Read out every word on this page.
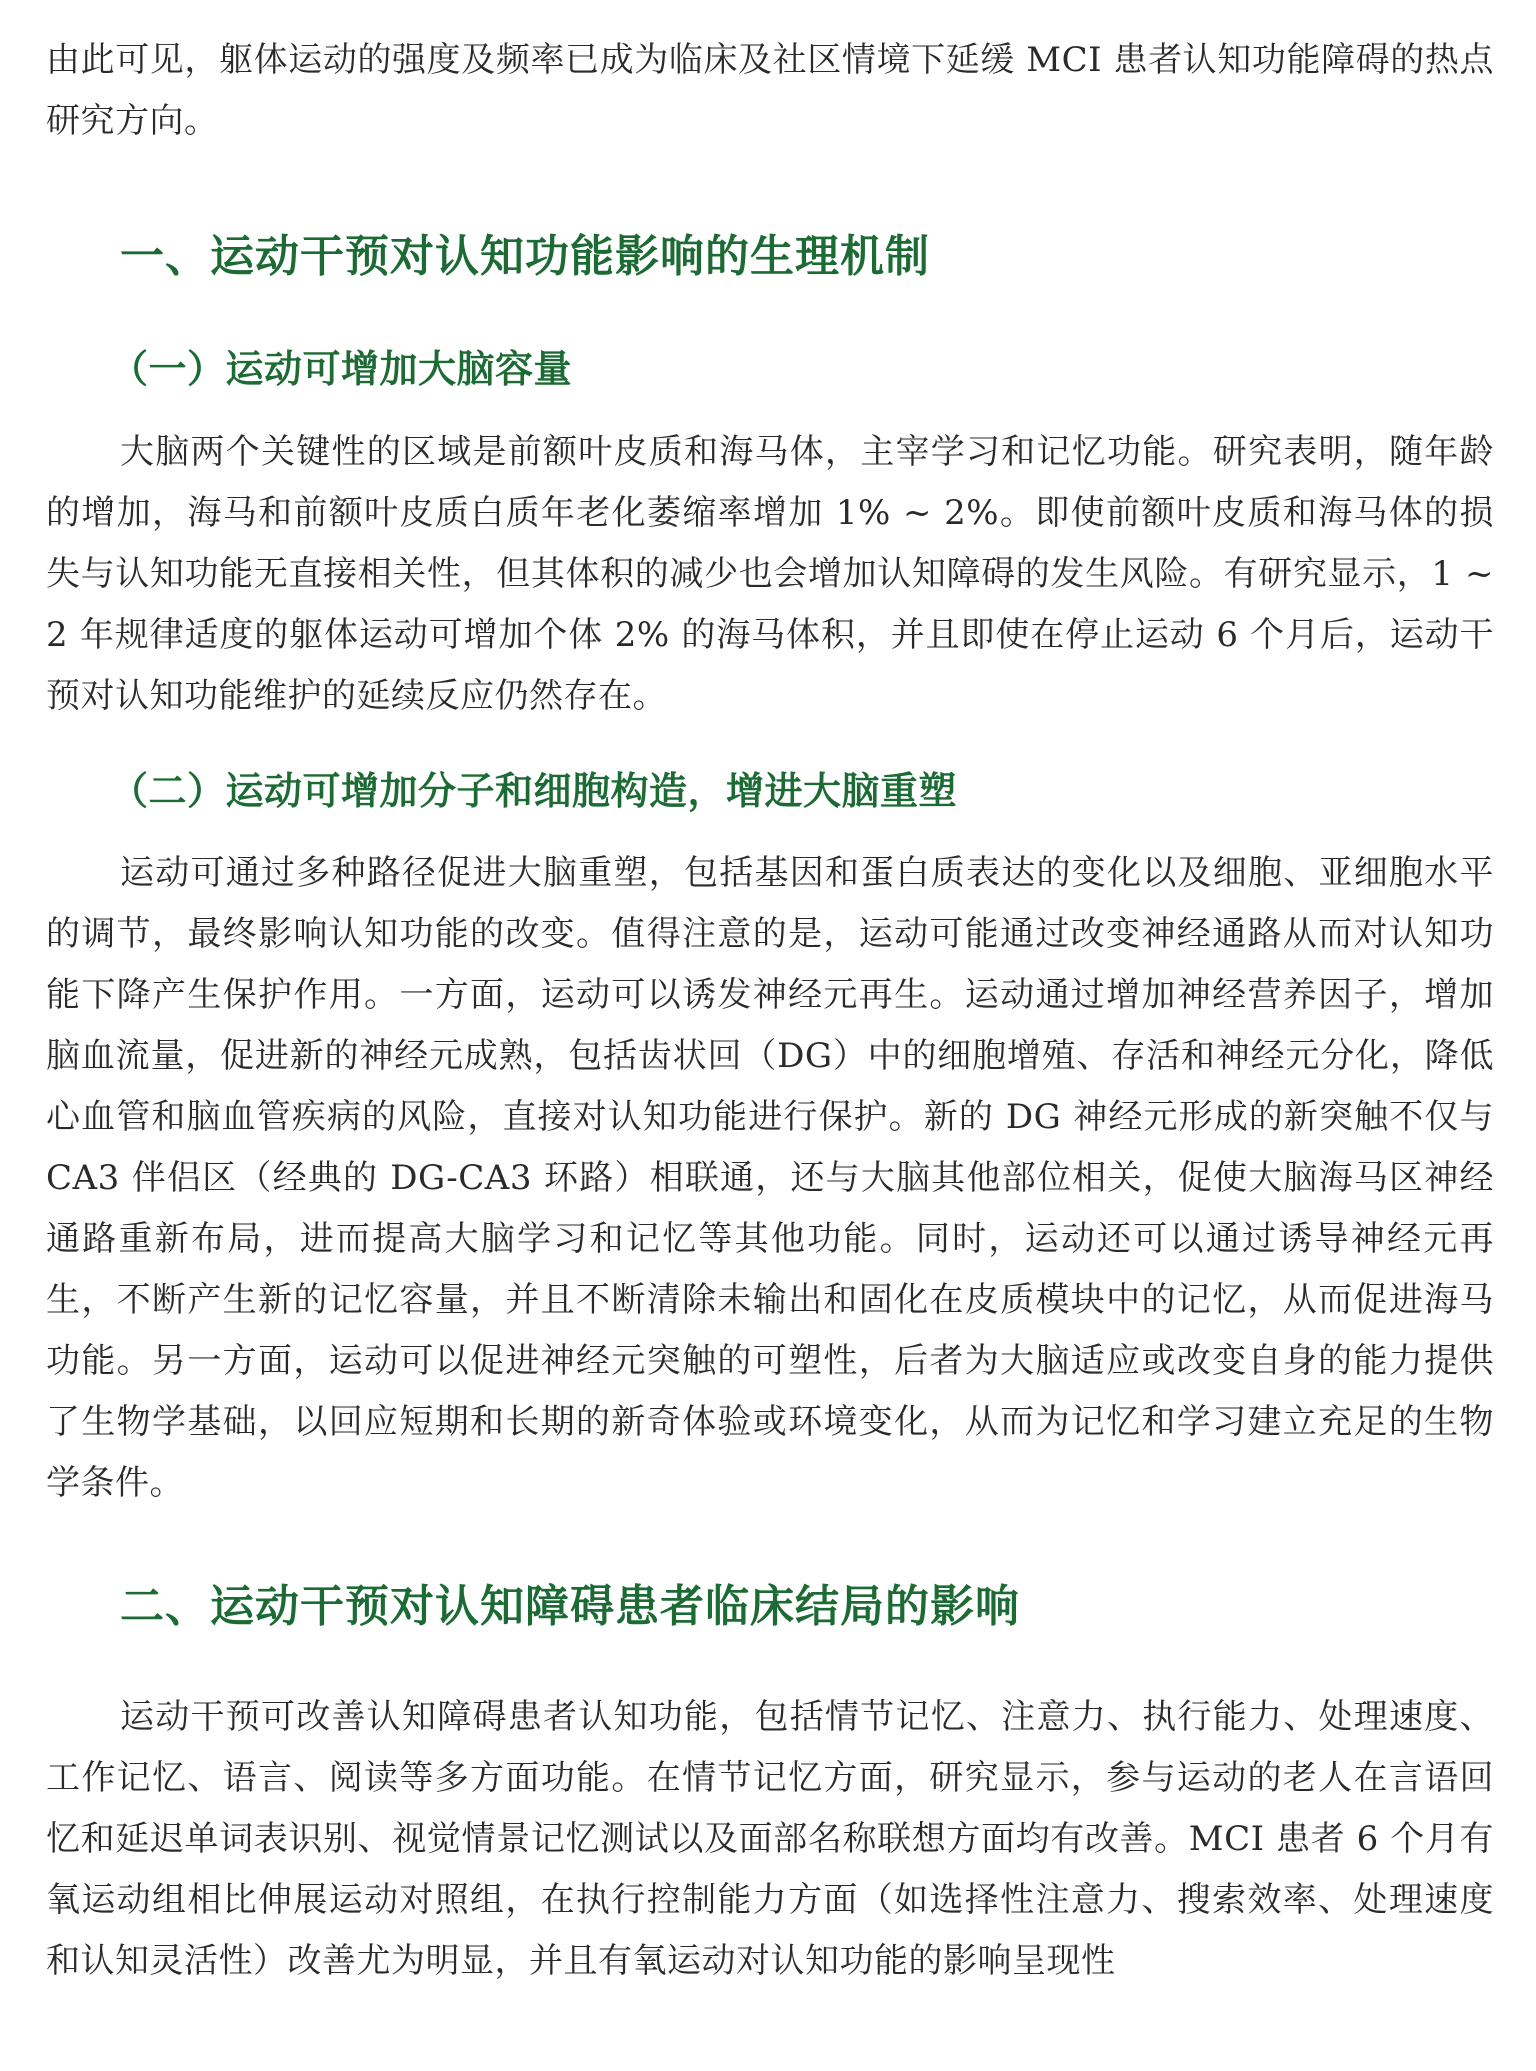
由此可见，躯体运动的强度及频率已成为临床及社区情境下延缓 MCI 患者认知功能障碍的热点研究方向。

一、运动干预对认知功能影响的生理机制
（一）运动可增加大脑容量

大脑两个关键性的区域是前额叶皮质和海马体，主宰学习和记忆功能。研究表明，随年龄的增加，海马和前额叶皮质白质年老化萎缩率增加 1% ~ 2%。即使前额叶皮质和海马体的损失与认知功能无直接相关性，但其体积的减少也会增加认知障碍的发生风险。有研究显示，1 ~ 2 年规律适度的躯体运动可增加个体 2% 的海马体积，并且即使在停止运动 6 个月后，运动干预对认知功能维护的延续反应仍然存在。

（二）运动可增加分子和细胞构造，增进大脑重塑

运动可通过多种路径促进大脑重塑，包括基因和蛋白质表达的变化以及细胞、亚细胞水平的调节，最终影响认知功能的改变。值得注意的是，运动可能通过改变神经通路从而对认知功能下降产生保护作用。一方面，运动可以诱发神经元再生。运动通过增加神经营养因子，增加脑血流量，促进新的神经元成熟，包括齿状回（DG）中的细胞增殖、存活和神经元分化，降低心血管和脑血管疾病的风险，直接对认知功能进行保护。新的 DG 神经元形成的新突触不仅与 CA3 伴侣区（经典的 DG-CA3 环路）相联通，还与大脑其他部位相关，促使大脑海马区神经通路重新布局，进而提高大脑学习和记忆等其他功能。同时，运动还可以通过诱导神经元再生，不断产生新的记忆容量，并且不断清除未输出和固化在皮质模块中的记忆，从而促进海马功能。另一方面，运动可以促进神经元突触的可塑性，后者为大脑适应或改变自身的能力提供了生物学基础，以回应短期和长期的新奇体验或环境变化，从而为记忆和学习建立充足的生物学条件。

二、运动干预对认知障碍患者临床结局的影响

运动干预可改善认知障碍患者认知功能，包括情节记忆、注意力、执行能力、处理速度、工作记忆、语言、阅读等多方面功能。在情节记忆方面，研究显示，参与运动的老人在言语回忆和延迟单词表识别、视觉情景记忆测试以及面部名称联想方面均有改善。MCI 患者 6 个月有氧运动组相比伸展运动对照组，在执行控制能力方面（如选择性注意力、搜索效率、处理速度和认知灵活性）改善尤为明显，并且有氧运动对认知功能的影响呈现性
